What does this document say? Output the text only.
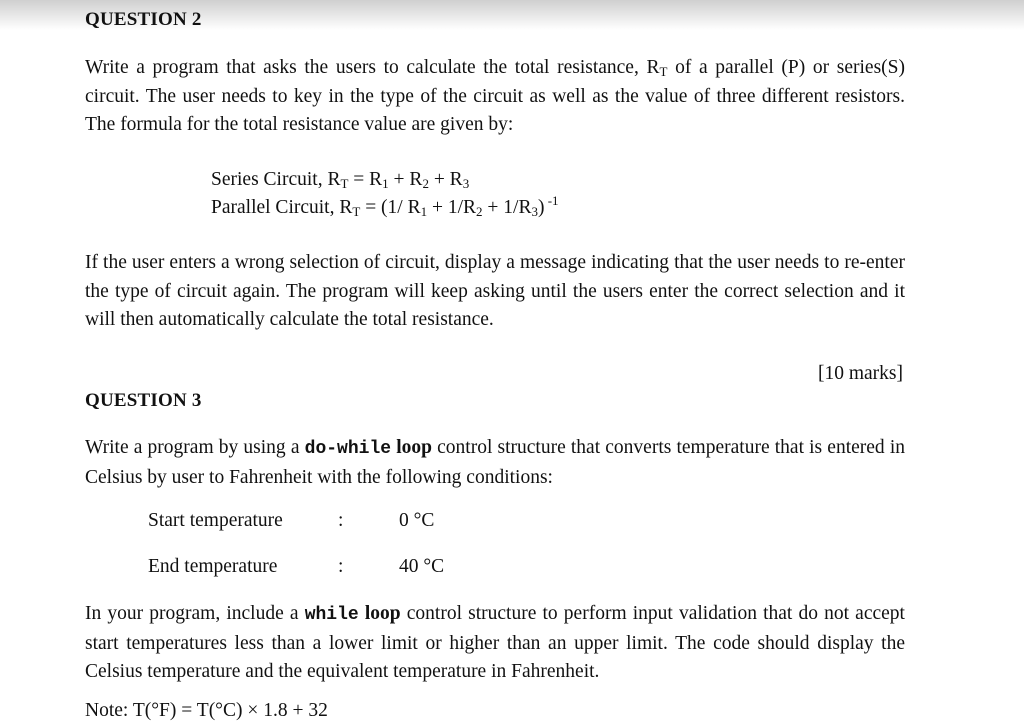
QUESTION 2

Write a program that asks the users to calculate the total resistance, $R_T$ of a parallel (P) or series(S) circuit. The user needs to key in the type of the circuit as well as the value of three different resistors. The formula for the total resistance value are given by:

Series Circuit, $R_T = R_1 + R_2 + R_3$

Parallel Circuit, $R_T = (1/$ $R_1 + 1/R_2 + 1/R_3$) $^{-1}$

If the user enters a wrong selection of circuit, display a message indicating that the user needs to re-enter the type of circuit again. The program will keep asking until the users enter the correct selection and it will then automatically calculate the total resistance.

[10 marks]

QUESTION 3

Write a program by using a do-while loop control structure that converts temperature that is entered in Celsius by user to Fahrenheit with the following conditions:

Start temperature	:	0 °C
End temperature	:	40 °C

In your program, include a while loop control structure to perform input validation that do not accept start temperatures less than a lower limit or higher than an upper limit. The code should display the Celsius temperature and the equivalent temperature in Fahrenheit.

Note: T(°F) = T(°C) × 1.8 + 32
